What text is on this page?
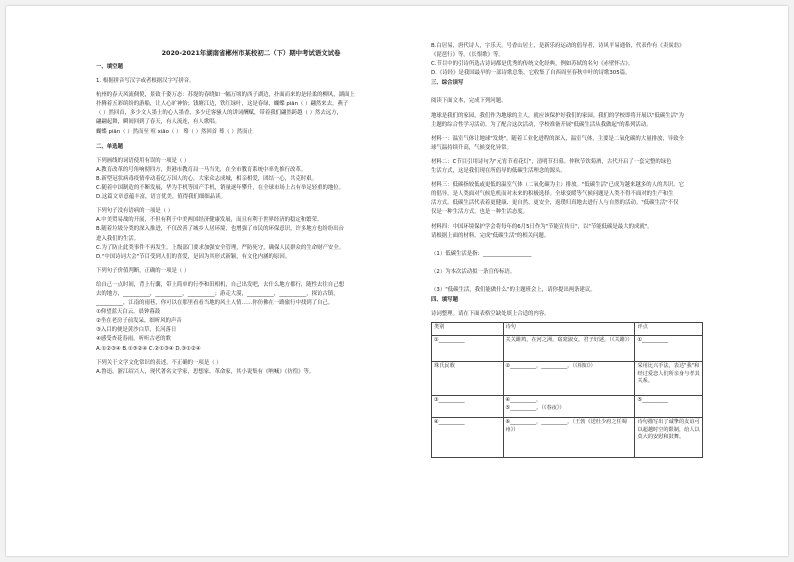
2020-2021年湖南省郴州市某校初二（下）期中考试语文试卷
一、填空题
1. 根据拼音写汉字或者根据汉字写拼音。
杭州的春天风流倜傥，景致千姿万态：苏堤的春晓如一幅万顷的西子湖边，扑面而来的是轻柔的柳风，湖面上
扑腾着五彩缤纷的游船，让人心旷神怡；钱塘江边，铁红绿叶，这是春绿，蝴蝶 piān（ ）翩然来去，燕子
（ ）然回首，多少文人墨士的心人墨香，多少迁客骚人的讲词酬赋，带着我们翩然跨越（ ）然去远方，
翩翩起舞，瞬间回到了春天，有人流连，有人歌唱。
蝴蝶 piān（ ）然而至 喧 xiāo（ ） 蓦（ ）然回首 蓦（ ）然而止
二、单选题
下列画线的词语使用有误的一项是（ ）
A.教育改革的号角响彻四方，贵港市教育局一马当先，在全市教育系统中率先推行改革。
B.新型冠状病毒疫情牵动着亿万国人的心，大家众志成城，相亲相爱，团结一心，共克时艰。
C.随着中国制造的不断发展，华为手机等国产手机，销量逐年攀升，在全球市场上占有举足轻重的地位。
D.这篇文章意蕴丰富，语言优美，值得我们细细品读。
下列句子没有语病的一项是（ ）
A.中美贸易战的开展，不但有利于中美两国经济健康发展，而且有利于世界经济的稳定和繁荣。
B.随着垃圾分类的深入推进，不仅改善了城乡人居环境，也增强了市民的环保意识，许多地方也纷纷出台
进入我们的生活。
C.为了防止此类事件不再发生，上级部门要求加强安全管理，严防死守，确保人民群众的生命财产安全。
D."中国诗词大会"节目受到人们的喜爱，是因为其形式新颖，有文化内涵的原因。
下列句子价值判断，正确的一项是（ ）
给自己一点时间，背上行囊，带上简单的行李和旧相机，自己出发吧，去什么地方都行，随性去往自己想
去的地方，__________，__________，__________；游走大漠，__________，__________，探访古镇，
__________，江南的雨巷，你可以在那里看看当地的风土人情……你仿佛在一路旅行中找到了自己。
①仰望蓝天白云，晨钟暮鼓
②坐在老房子前发呆，细听风的声音
③入目的便是黄沙白草，长河落日
④感受杏花春雨，听听古老的歌
A.①②③④ B.①③②④ C.②①③④ D.③①②④
下列关于文学文化常识的表述，不正确的一项是（ ）
A.鲁迅，浙江绍兴人，现代著名文学家，思想家，革命家，其小说集有《呐喊》《彷徨》等。
B.白居易，唐代诗人，字乐天，号香山居士，是新乐府运动的倡导者，诗风平易通俗，代表作有《卖炭翁》
《琵琶行》等。《长恨歌》等。
C.节目中的引诗所选古诗词都是优秀的传统文化经典，例如苏轼的名句《赤壁怀古》。
D.《诗经》是我国最早的一部诗歌总集，它收集了自西周至春秋中叶的诗歌305篇。
三、综合读写
阅读下面文本，完成下列问题。
地球是我们的家园，我们作为地球的主人，就应该保护好我们的家园。我们的学校即将开展以"低碳生活"为
主题的综合性学习活动。为了配合这次活动，学校准备开展"低碳生活从我做起"的系列活动。
材料一：温室气体让地球"发烧"。随着工业化进程的深入，温室气体，主要是二氧化碳的大量排放，导致全
球气温持续升高，气候变化异常。
材料二：C节目引用诗句为"元宵节看花灯"，清明节扫墓。仲秋节饮菊酒，古代开启了一套完整的绿色
生活方式，这是我们现在所倡导的低碳生活理念的源头。
材料三：低碳指较低或更低的温室气体（二氧化碳为主）排放。"低碳生活"已成为越来越多的人的共识。它
的倡导，是人类面对气候危机而对未来的积极选择。全球变暖等气候问题是人类不得不面对的生产和生
活方式。低碳生活代表着更健康、更自然、更安全，返璞归真地去进行人与自然的活动。"低碳生活"不仅
仅是一种生活方式，也是一种生活态度。
材料四：中国环境保护学会将每年的6月5日作为"节能宣传日"，以"节能低碳是最大的成就"。
请根据上面的材料，完成"低碳生活"的相关问题。
（1）低碳生活是指：__________________
（2）为本次活动拟一条宣传标语。
（3）"低碳生活，我们能做什么"的主题班会上，请你提出两条建议。
四、填写题
诗词整理。请在下面表格空缺处填上合适的内容。
类别	诗句	评点
①__________	关关雎鸠，在河之洲。窈窕淑女，君子好逑。（《关雎》）	①__________
珠氏民歌	②__________，__________。（《相如》）	采用比兴手法，表达"我"和经过爱恋人们所亲身与孝其关系。
③__________	④__________，
⑤__________。（《春夜》）	⑤__________
④__________	⑥__________，__________。（王勃《送杜少府之任蜀州》）	诗句描写出了诚挚的友谊可以超越时空的限制，给人以莫大的安慰和鼓舞。
